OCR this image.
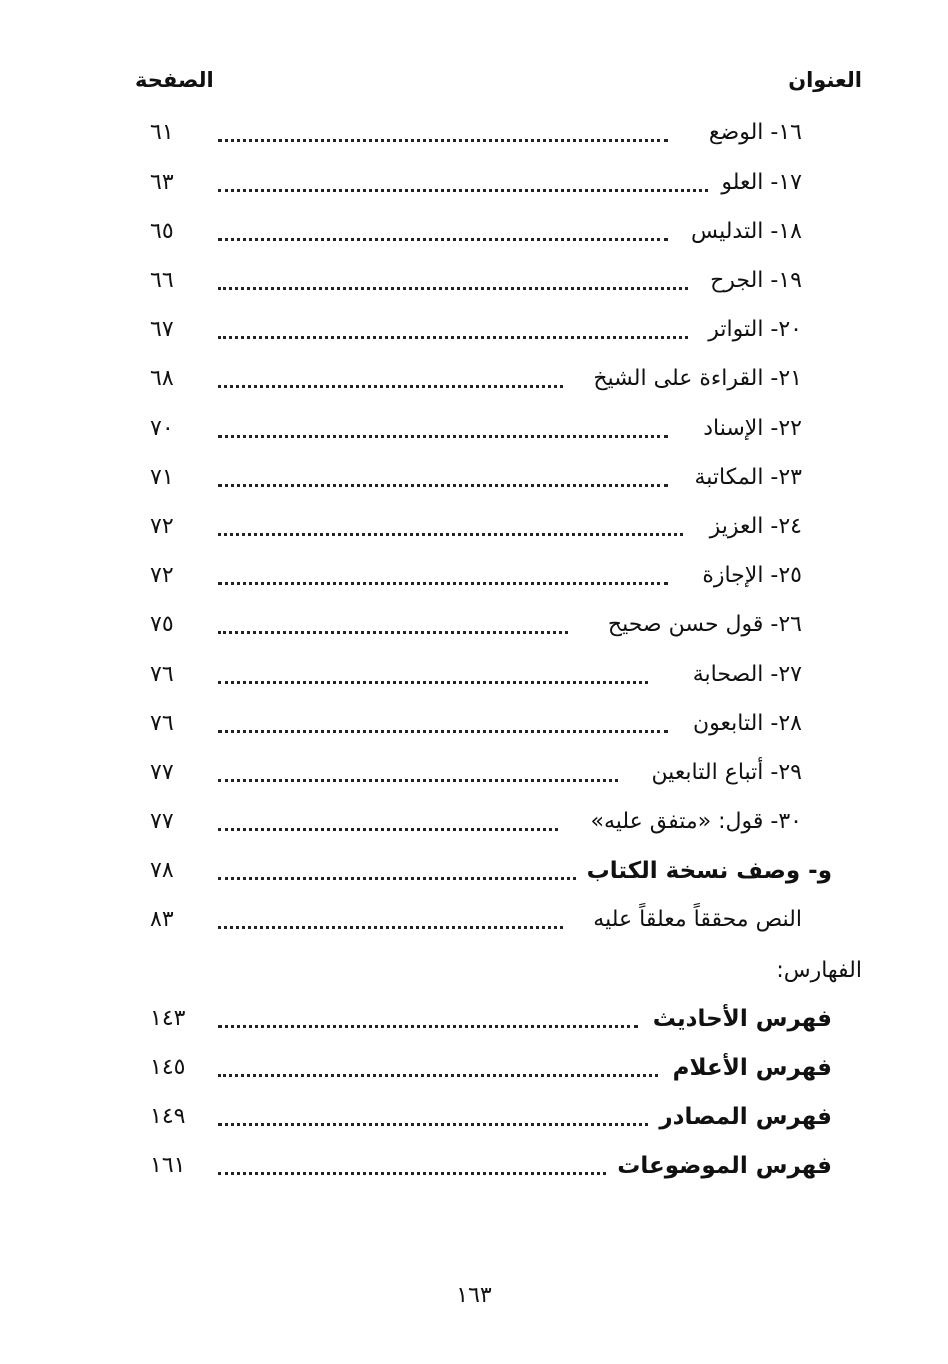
العنوان
الصفحة
١٦- الوضع
٦١
١٧- العلو
٦٣
١٨- التدليس
٦٥
١٩- الجرح
٦٦
٢٠- التواتر
٦٧
٢١- القراءة على الشيخ
٦٨
٢٢- الإسناد
٧٠
٢٣- المكاتبة
٧١
٢٤- العزيز
٧٢
٢٥- الإجازة
٧٢
٢٦- قول حسن صحيح
٧٥
٢٧- الصحابة
٧٦
٢٨- التابعون
٧٦
٢٩- أتباع التابعين
٧٧
٣٠- قول: «متفق عليه»
٧٧
و- وصف نسخة الكتاب
٧٨
النص محققاً معلقاً عليه
٨٣
الفهارس:
فهرس الأحاديث
١٤٣
فهرس الأعلام
١٤٥
فهرس المصادر
١٤٩
فهرس الموضوعات
١٦١
١٦٣
